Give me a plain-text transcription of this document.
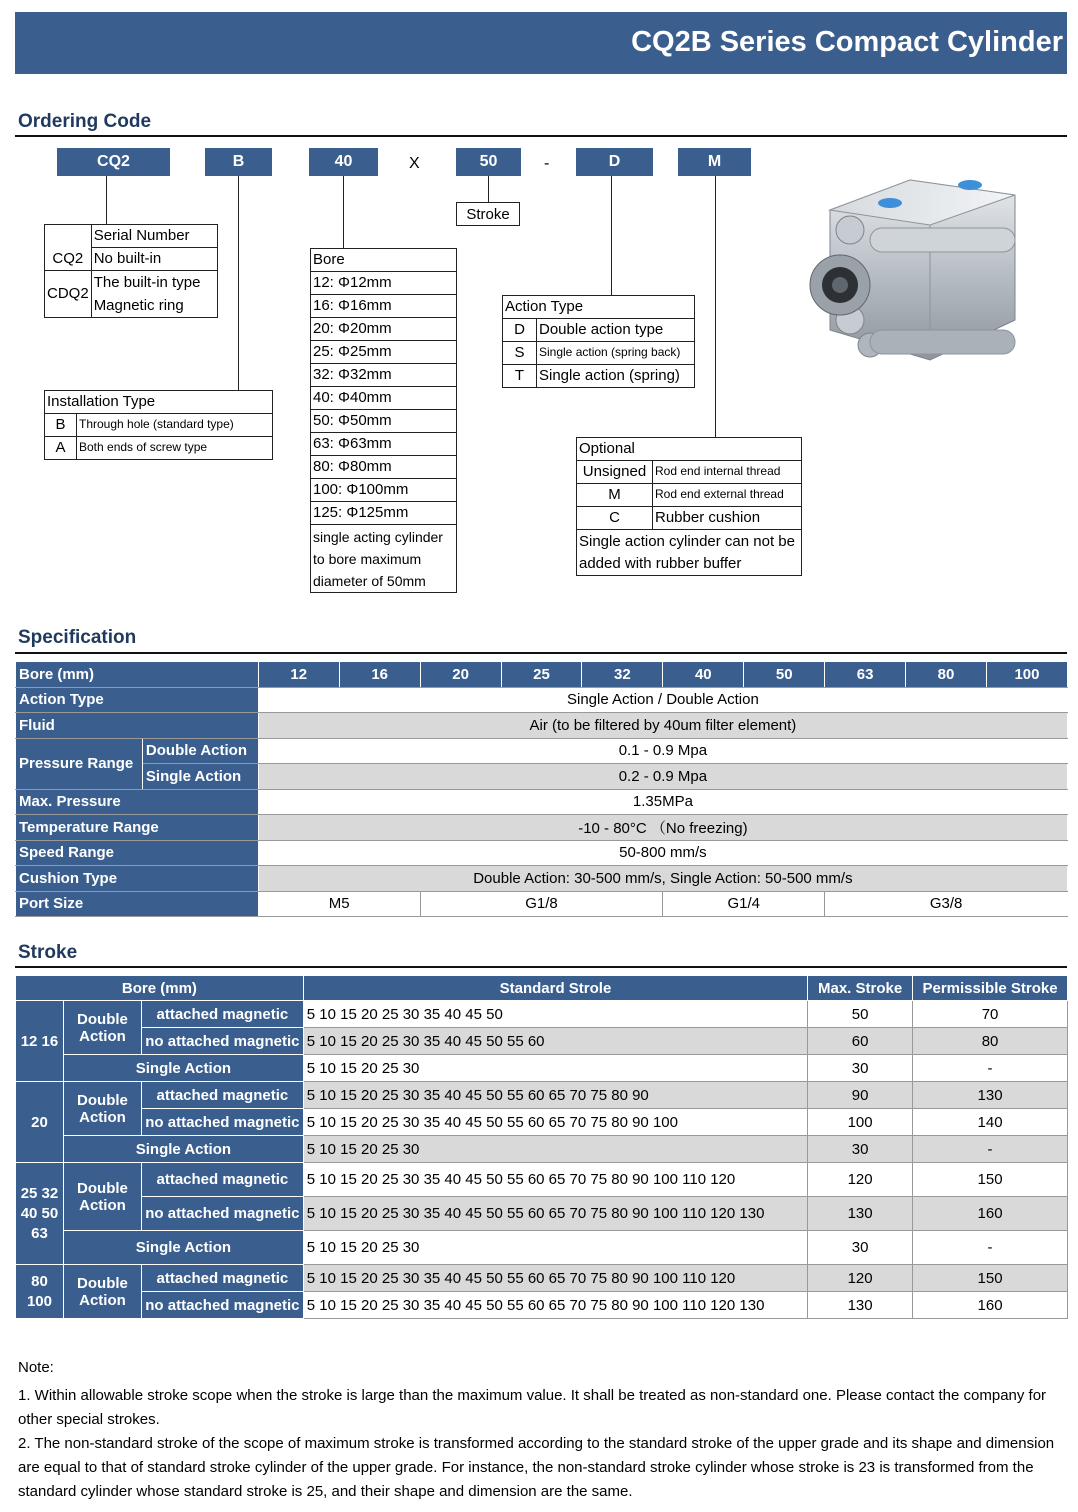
CQ2B Series Compact Cylinder
Ordering Code
CQ2	B	40	X	50	-	D	M
Stroke
	Serial Number
CQ2	No built-in
CDQ2	The built-in type Magnetic ring
Installation Type	
B	Through hole (standard type)
A	Both ends of screw type
Bore
12: Φ12mm
16: Φ16mm
20: Φ20mm
25: Φ25mm
32: Φ32mm
40: Φ40mm
50: Φ50mm
63: Φ63mm
80: Φ80mm
100: Φ100mm
125: Φ125mm
single acting cylinder to bore maximum diameter of 50mm
Action Type	
D	Double action type
S	Single action (spring back)
T	Single action (spring)
Optional	
Unsigned	Rod end internal thread
M	Rod end external thread
C	Rubber cushion
Single action cylinder can not be added with rubber buffer	
Specification
Bore (mm)		12	16	20	25	32	40	50	63	80	100
Action Type		Single Action / Double Action									
Fluid		Air (to be filtered by 40um filter element)									
Pressure Range	Double Action	0.1 - 0.9 Mpa									
	Single Action	0.2 - 0.9 Mpa									
Max. Pressure		1.35MPa									
Temperature Range		-10 - 80°C （No freezing)									
Speed Range		50-800 mm/s									
Cushion Type		Double Action: 30-500 mm/s, Single Action: 50-500 mm/s									
Port Size		M5		G1/8			G1/4		G3/8		
Stroke
Bore (mm)			Standard Strole	Max. Stroke	Permissible Stroke
12 16	Double Action	attached magnetic	5 10 15 20 25 30 35 40 45 50	50	70
		no attached magnetic	5 10 15 20 25 30 35 40 45 50 55 60	60	80
	Single Action		5 10 15 20 25 30	30	-
20	Double Action	attached magnetic	5 10 15 20 25 30 35 40 45 50 55 60 65 70 75 80 90	90	130
		no attached magnetic	5 10 15 20 25 30 35 40 45 50 55 60 65 70 75 80 90 100	100	140
	Single Action		5 10 15 20 25 30	30	-
25 32 40 50 63	Double Action	attached magnetic	5 10 15 20 25 30 35 40 45 50 55 60 65 70 75 80 90 100 110 120	120	150
		no attached magnetic	5 10 15 20 25 30 35 40 45 50 55 60 65 70 75 80 90 100 110 120 130	130	160
	Single Action		5 10 15 20 25 30	30	-
80 100	Double Action	attached magnetic	5 10 15 20 25 30 35 40 45 50 55 60 65 70 75 80 90 100 110 120	120	150
		no attached magnetic	5 10 15 20 25 30 35 40 45 50 55 60 65 70 75 80 90 100 110 120 130	130	160
Note:
1. Within allowable stroke scope when the stroke is large than the maximum value. It shall be treated as non-standard one. Please contact the company for other special strokes.
2. The non-standard stroke of the scope of maximum stroke is transformed according to the standard stroke of the upper grade and its shape and dimension are equal to that of standard stroke cylinder of the upper grade. For instance, the non-standard stroke cylinder whose stroke is 23 is transformed from the standard cylinder whose standard stroke is 25, and their shape and dimension are the same.
